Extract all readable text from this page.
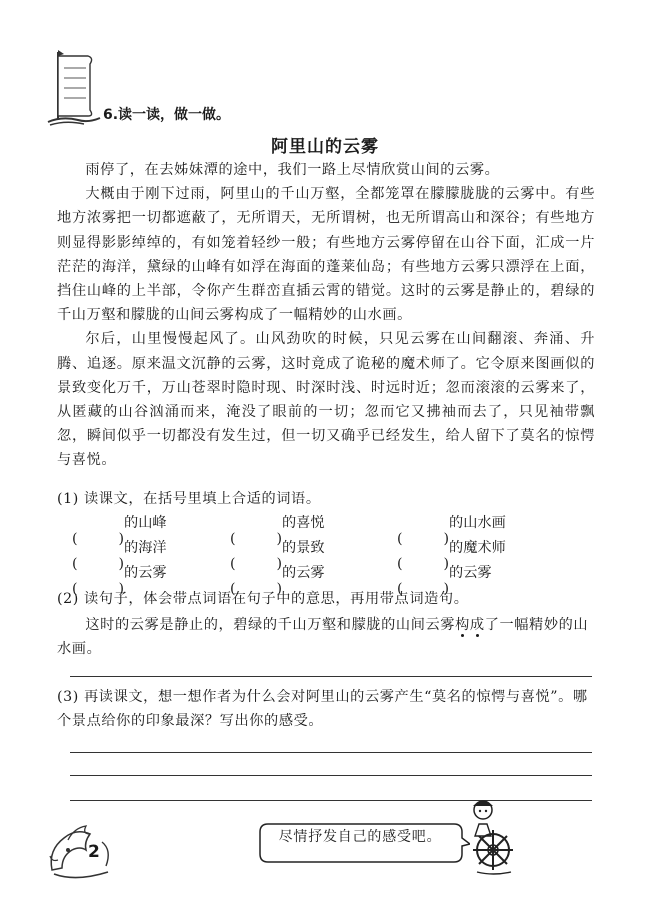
6.读一读，做一做。
阿里山的云雾

雨停了，在去姊妹潭的途中，我们一路上尽情欣赏山间的云雾。

大概由于刚下过雨，阿里山的千山万壑，全都笼罩在朦朦胧胧的云雾中。有些地方浓雾把一切都遮蔽了，无所谓天，无所谓树，也无所谓高山和深谷；有些地方则显得影影绰绰的，有如笼着轻纱一般；有些地方云雾停留在山谷下面，汇成一片茫茫的海洋，黛绿的山峰有如浮在海面的蓬莱仙岛；有些地方云雾只漂浮在上面，挡住山峰的上半部，令你产生群峦直插云霄的错觉。这时的云雾是静止的，碧绿的千山万壑和朦胧的山间云雾构成了一幅精妙的山水画。

尔后，山里慢慢起风了。山风劲吹的时候，只见云雾在山间翻滚、奔涌、升腾、追逐。原来温文沉静的云雾，这时竟成了诡秘的魔术师了。它令原来图画似的景致变化万千，万山苍翠时隐时现、时深时浅、时远时近；忽而滚滚的云雾来了，从匿藏的山谷汹涌而来，淹没了眼前的一切；忽而它又拂袖而去了，只见袖带飘忽，瞬间似乎一切都没有发生过，但一切又确乎已经发生，给人留下了莫名的惊愕与喜悦。

(1) 读课文，在括号里填上合适的词语。
的山峰	的喜悦	的山水画
的海洋	的景致	的魔术师
的云雾	的云雾	的云雾
(2) 读句子，体会带点词语在句子中的意思，再用带点词造句。
这时的云雾是静止的，碧绿的千山万壑和朦胧的山间云雾构成了一幅精妙的山水画。
(3) 再读课文，想一想作者为什么会对阿里山的云雾产生“莫名的惊愕与喜悦”。哪个景点给你的印象最深？写出你的感受。
2
尽情抒发自己的感受吧。
